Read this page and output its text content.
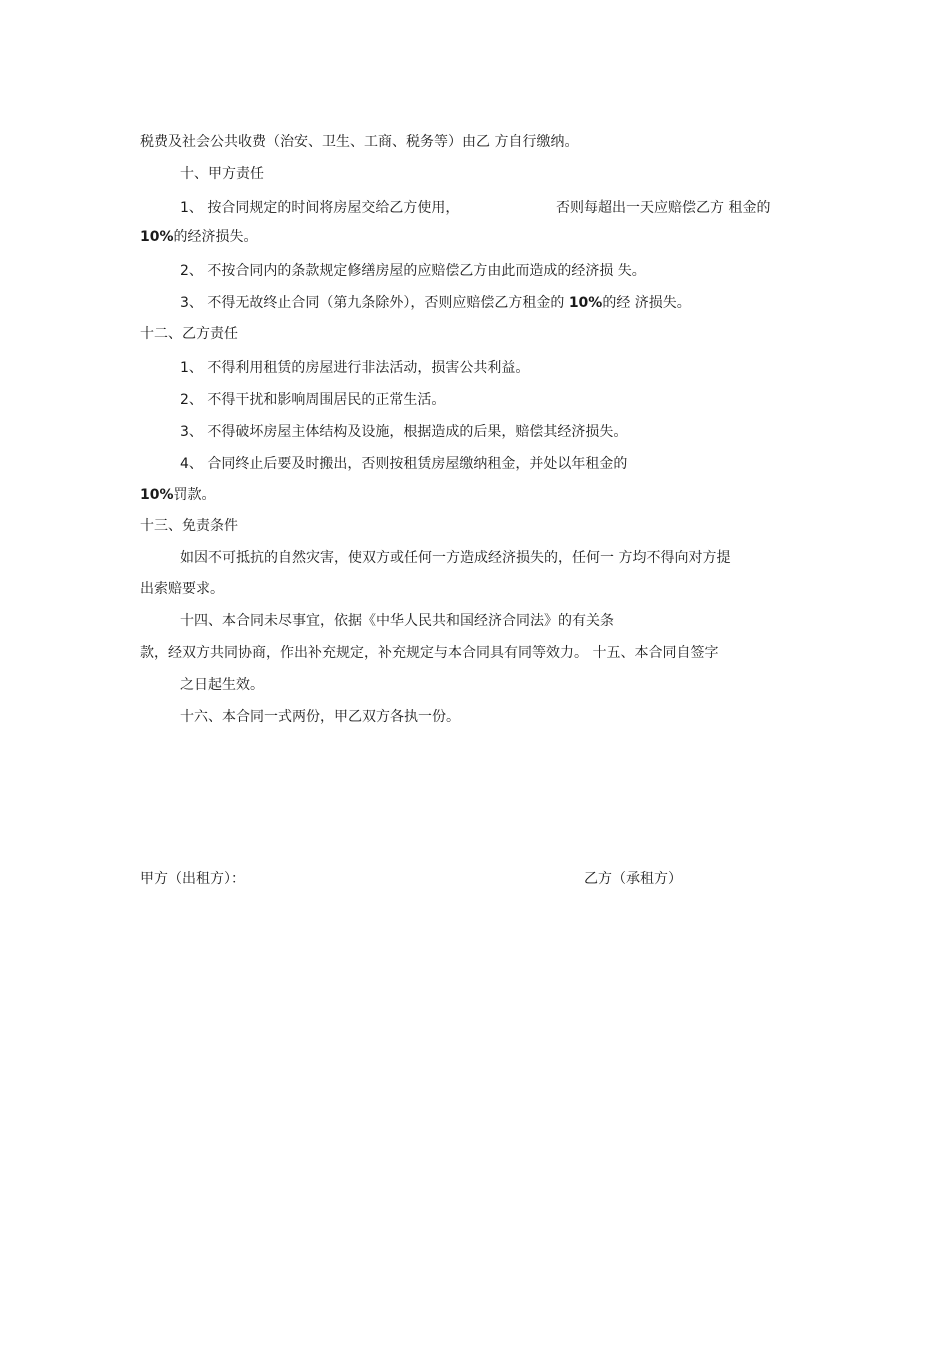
税费及社会公共收费（治安、卫生、工商、税务等）由乙 方自行缴纳。

十、甲方责任

1、 按合同规定的时间将房屋交给乙方使用，	否则每超出一天应赔偿乙方 租金的

10%的经济损失。

2、 不按合同内的条款规定修缮房屋的应赔偿乙方由此而造成的经济损 失。

3、 不得无故终止合同（第九条除外），否则应赔偿乙方租金的 10%的经 济损失。

十二、乙方责任

1、 不得利用租赁的房屋进行非法活动，损害公共利益。

2、 不得干扰和影响周围居民的正常生活。

3、 不得破坏房屋主体结构及设施，根据造成的后果，赔偿其经济损失。

4、 合同终止后要及时搬出，否则按租赁房屋缴纳租金，并处以年租金的

10%罚款。

十三、免责条件

如因不可抵抗的自然灾害，使双方或任何一方造成经济损失的，任何一 方均不得向对方提

出索赔要求。

十四、本合同未尽事宜，依据《中华人民共和国经济合同法》的有关条

款，经双方共同协商，作出补充规定，补充规定与本合同具有同等效力。 十五、本合同自签字

之日起生效。

十六、本合同一式两份，甲乙双方各执一份。

甲方（出租方）：	乙方（承租方）
